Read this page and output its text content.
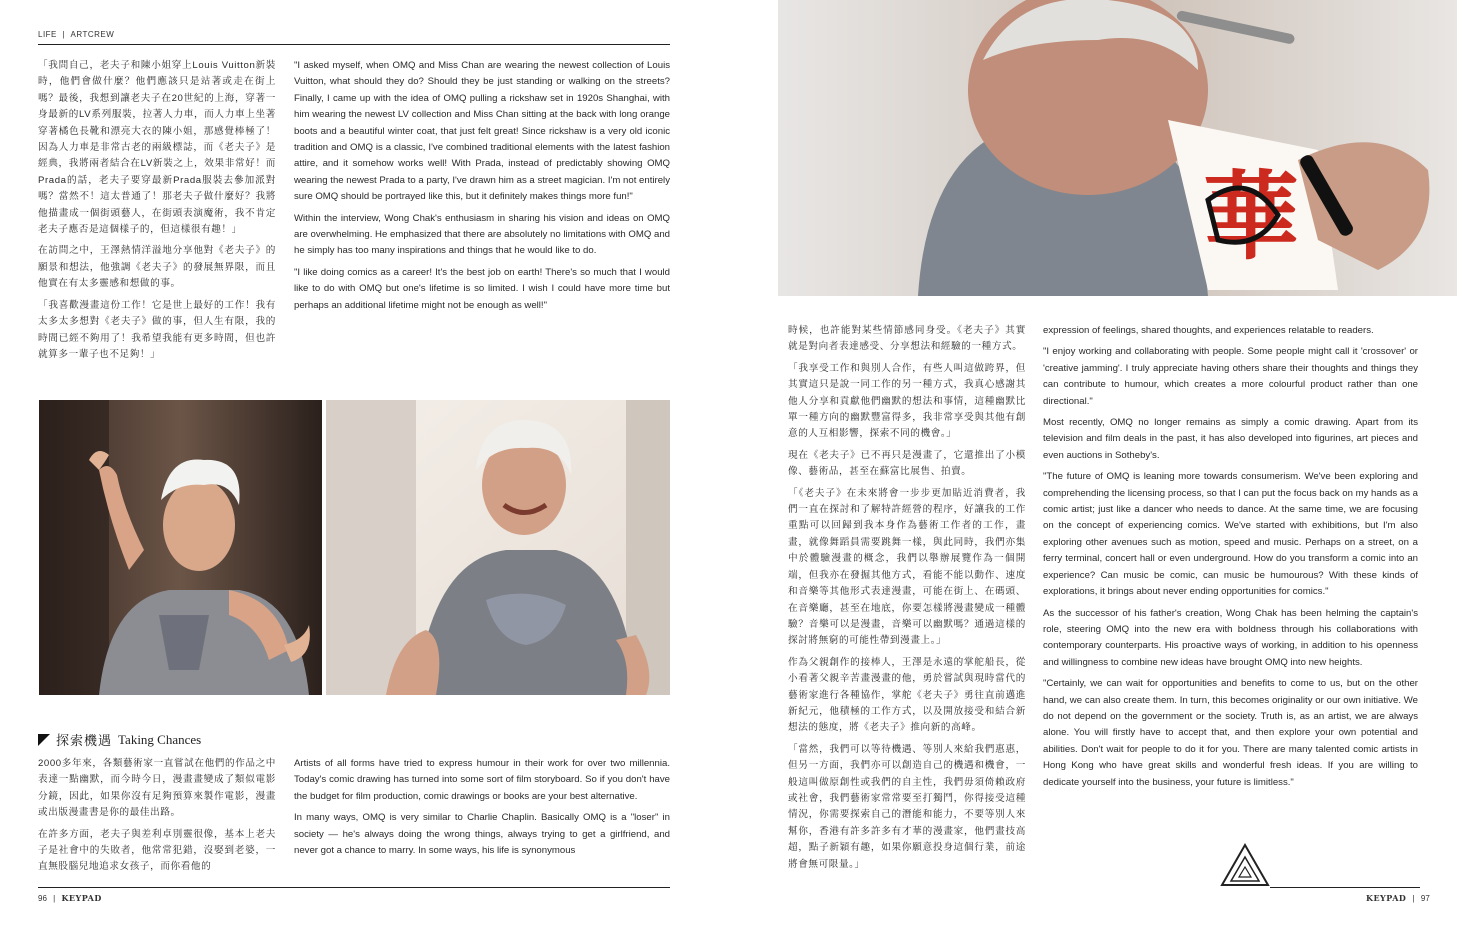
LIFE | ARTCREW

「我問自己，老夫子和陳小姐穿上Louis Vuitton新裝時，他們會做什麼？他們應該只是站著或走在街上嗎？最後，我想到讓老夫子在20世紀的上海，穿著一身最新的LV系列服裝，拉著人力車，而人力車上坐著穿著橘色長靴和漂亮大衣的陳小姐，那感覺棒極了！因為人力車是非常古老的兩級標誌，而《老夫子》是經典，我將兩者結合在LV新裝之上，效果非常好！而Prada的話，老夫子要穿最新Prada服裝去參加派對嗎？當然不！這太普通了！那老夫子做什麼好？我將他描畫成一個街頭藝人，在街頭表演魔術，我不肯定老夫子應否是這個樣子的，但這樣很有趣！」

在訪問之中，王澤熱情洋溢地分享他對《老夫子》的願景和想法，他強調《老夫子》的發展無界限，而且他實在有太多靈感和想做的事。

「我喜歡漫畫這份工作！它是世上最好的工作！我有太多太多想對《老夫子》做的事，但人生有限，我的時間已經不夠用了！我希望我能有更多時間，但也許就算多一輩子也不足夠！」

"I asked myself, when OMQ and Miss Chan are wearing the newest collection of Louis Vuitton, what should they do? Should they be just standing or walking on the streets? Finally, I came up with the idea of OMQ pulling a rickshaw set in 1920s Shanghai, with him wearing the newest LV collection and Miss Chan sitting at the back with long orange boots and a beautiful winter coat, that just felt great! Since rickshaw is a very old iconic tradition and OMQ is a classic, I've combined traditional elements with the latest fashion attire, and it somehow works well! With Prada, instead of predictably showing OMQ wearing the newest Prada to a party, I've drawn him as a street magician. I'm not entirely sure OMQ should be portrayed like this, but it definitely makes things more fun!"

Within the interview, Wong Chak's enthusiasm in sharing his vision and ideas on OMQ are overwhelming. He emphasized that there are absolutely no limitations with OMQ and he simply has too many inspirations and things that he would like to do.

"I like doing comics as a career! It's the best job on earth! There's so much that I would like to do with OMQ but one's lifetime is so limited. I wish I could have more time but perhaps an additional lifetime might not be enough as well!"

探索機遇 Taking Chances

2000多年來，各類藝術家一直嘗試在他們的作品之中表達一點幽默，而今時今日，漫畫畫變成了類似電影分鏡，因此，如果你沒有足夠預算來製作電影，漫畫或出版漫畫書是你的最佳出路。

在許多方面，老夫子與差利卓別靈很像，基本上老夫子是社會中的失敗者，他常常犯錯，沒娶到老婆，一直無股腦兒地追求女孩子，而你看他的

Artists of all forms have tried to express humour in their work for over two millennia. Today's comic drawing has turned into some sort of film storyboard. So if you don't have the budget for film production, comic drawings or books are your best alternative.

In many ways, OMQ is very similar to Charlie Chaplin. Basically OMQ is a "loser" in society — he's always doing the wrong things, always trying to get a girlfriend, and never got a chance to marry. In some ways, his life is synonymous

96 | KEYPAD
華

時候，也許能對某些情節感同身受。《老夫子》其實就是對向者表達感受、分享想法和經驗的一種方式。

「我享受工作和與別人合作，有些人叫這做跨界，但其實這只是說一同工作的另一種方式，我真心感謝其他人分享和貢獻他們幽默的想法和事情，這種幽默比單一種方向的幽默豐富得多，我非常享受與其他有創意的人互相影響，探索不同的機會。」

現在《老夫子》已不再只是漫畫了，它還推出了小模像、藝術品，甚至在蘇富比展售、拍賣。

「《老夫子》在未來將會一步步更加貼近消費者，我們一直在探討和了解特許經營的程序，好讓我的工作重點可以回歸到我本身作為藝術工作者的工作，畫畫，就像舞蹈員需要跳舞一樣，與此同時，我們亦集中於體驗漫畫的概念，我們以舉辦展覽作為一個開端，但我亦在發掘其他方式，看能不能以動作、速度和音樂等其他形式表達漫畫，可能在街上、在碼頭、在音樂廳，甚至在地底，你要怎樣將漫畫變成一種體驗？音樂可以是漫畫，音樂可以幽默嗎？通過這樣的探討將無窮的可能性帶到漫畫上。」

作為父親創作的接棒人，王澤是永遠的掌舵船長，從小看著父親辛苦畫漫畫的他，勇於嘗試與現時當代的藝術家進行各種協作，掌舵《老夫子》勇往直前邁進新紀元，他積極的工作方式，以及開放接受和結合新想法的態度，將《老夫子》推向新的高峰。

「當然，我們可以等待機遇、等別人來給我們惠惠，但另一方面，我們亦可以創造自己的機遇和機會，一般這叫做原創性或我們的自主性，我們毋須倚賴政府或社會，我們藝術家常常要至打獨鬥，你得接受這種情況，你需要探索自己的潛能和能力，不要等別人來幫你，香港有許多許多有才華的漫畫家，他們畫技高超，點子新穎有趣，如果你願意投身這個行業，前途將會無可限量。」

expression of feelings, shared thoughts, and experiences relatable to readers.

"I enjoy working and collaborating with people. Some people might call it 'crossover' or 'creative jamming'. I truly appreciate having others share their thoughts and things they can contribute to humour, which creates a more colourful product rather than one directional."

Most recently, OMQ no longer remains as simply a comic drawing. Apart from its television and film deals in the past, it has also developed into figurines, art pieces and even auctions in Sotheby's.

"The future of OMQ is leaning more towards consumerism. We've been exploring and comprehending the licensing process, so that I can put the focus back on my hands as a comic artist; just like a dancer who needs to dance. At the same time, we are focusing on the concept of experiencing comics. We've started with exhibitions, but I'm also exploring other avenues such as motion, speed and music. Perhaps on a street, on a ferry terminal, concert hall or even underground. How do you transform a comic into an experience? Can music be comic, can music be humourous? With these kinds of explorations, it brings about never ending opportunities for comics."

As the successor of his father's creation, Wong Chak has been helming the captain's role, steering OMQ into the new era with boldness through his collaborations with contemporary counterparts. His proactive ways of working, in addition to his openness and willingness to combine new ideas have brought OMQ into new heights.

"Certainly, we can wait for opportunities and benefits to come to us, but on the other hand, we can also create them. In turn, this becomes originality or our own initiative. We do not depend on the government or the society. Truth is, as an artist, we are always alone. You will firstly have to accept that, and then explore your own potential and abilities. Don't wait for people to do it for you. There are many talented comic artists in Hong Kong who have great skills and wonderful fresh ideas. If you are willing to dedicate yourself into the business, your future is limitless."

KEYPAD | 97
